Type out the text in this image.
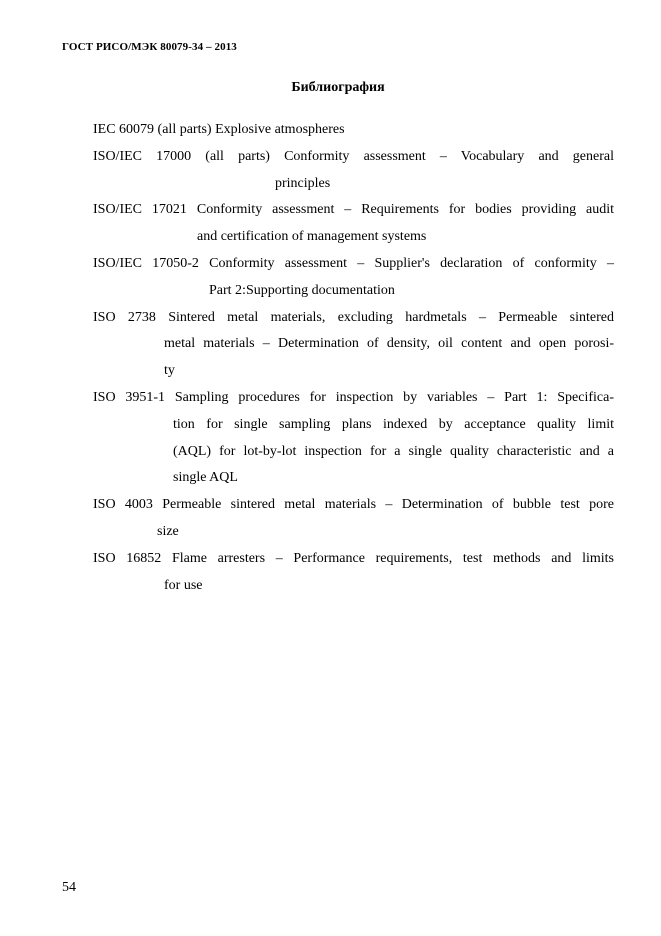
ГОСТ РИСО/МЭК 80079-34 – 2013
Библиография
IEC 60079 (all parts) Explosive atmospheres
ISO/IEC 17000 (all parts) Conformity assessment – Vocabulary and general
principles
ISO/IEC 17021 Conformity assessment – Requirements for bodies providing audit
and certification of management systems
ISO/IEC 17050-2 Conformity assessment – Supplier's declaration of conformity –
Part 2:Supporting documentation
ISO 2738 Sintered metal materials, excluding hardmetals – Permeable sintered
metal materials – Determination of density, oil content and open porosi-
ty
ISO 3951-1 Sampling procedures for inspection by variables – Part 1: Specifica-
tion for single sampling plans indexed by acceptance quality limit
(AQL) for lot-by-lot inspection for a single quality characteristic and a
single AQL
ISO 4003 Permeable sintered metal materials – Determination of bubble test pore
size
ISO 16852 Flame arresters – Performance requirements, test methods and limits
for use
54
